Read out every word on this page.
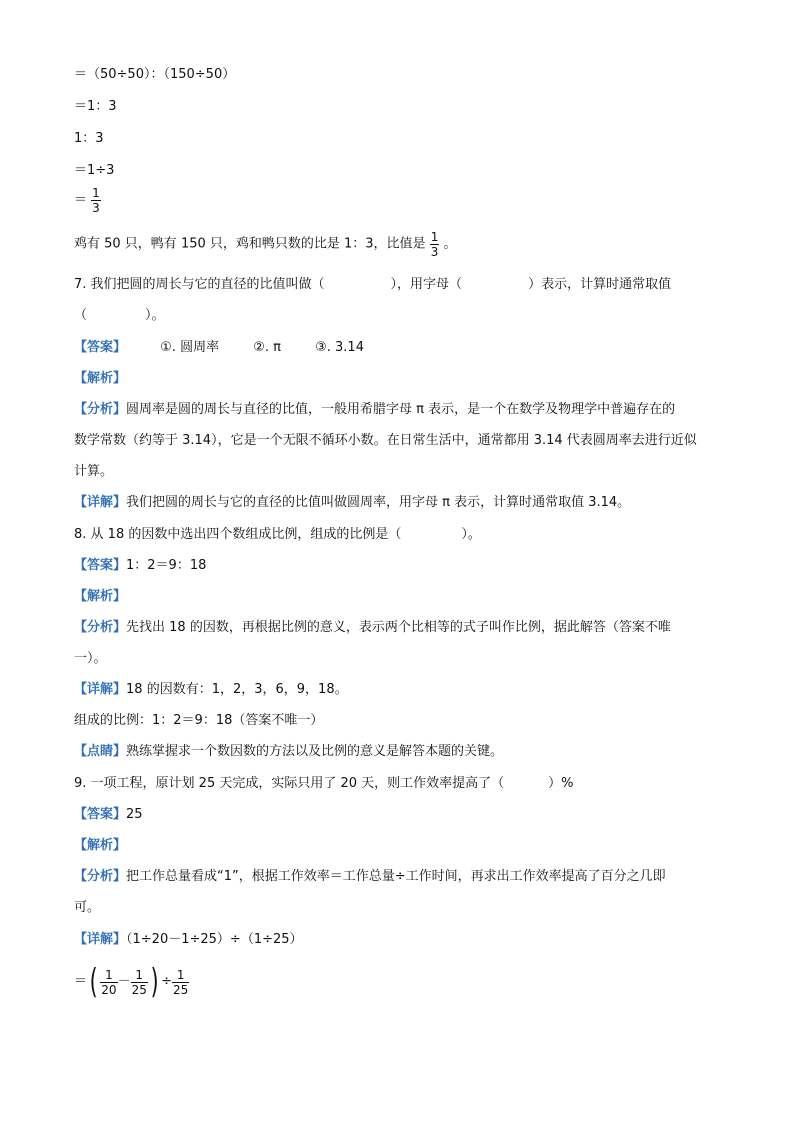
＝（50÷50）：（150÷50）
＝1：3
1：3
＝1÷3
＝ $\frac{1}{3}$
鸡有 50 只，鸭有 150 只，鸡和鸭只数的比是 1：3，比值是 $\frac{1}{3}$ 。
7. 我们把圆的周长与它的直径的比值叫做（	），用字母（	）表示，计算时通常取值
（	）。
【答案】	①. 圆周率	②. π	③. 3.14
【解析】
【分析】圆周率是圆的周长与直径的比值，一般用希腊字母 π 表示，是一个在数学及物理学中普遍存在的
数学常数（约等于 3.14），它是一个无限不循环小数。在日常生活中，通常都用 3.14 代表圆周率去进行近似
计算。
【详解】我们把圆的周长与它的直径的比值叫做圆周率，用字母 π 表示，计算时通常取值 3.14。
8. 从 18 的因数中选出四个数组成比例，组成的比例是（	）。
【答案】1：2＝9：18
【解析】
【分析】先找出 18 的因数，再根据比例的意义，表示两个比相等的式子叫作比例，据此解答（答案不唯
一）。
【详解】18 的因数有：1，2，3，6，9，18。
组成的比例：1：2＝9：18（答案不唯一）
【点睛】熟练掌握求一个数因数的方法以及比例的意义是解答本题的关键。
9. 一项工程，原计划 25 天完成，实际只用了 20 天，则工作效率提高了（	）%
【答案】25
【解析】
【分析】把工作总量看成“1”，根据工作效率＝工作总量÷工作时间，再求出工作效率提高了百分之几即
可。
【详解】（1÷20－1÷25）÷（1÷25）
＝( $\frac{1}{20} - \frac{1}{25}$ ) ÷ $\frac{1}{25}$
